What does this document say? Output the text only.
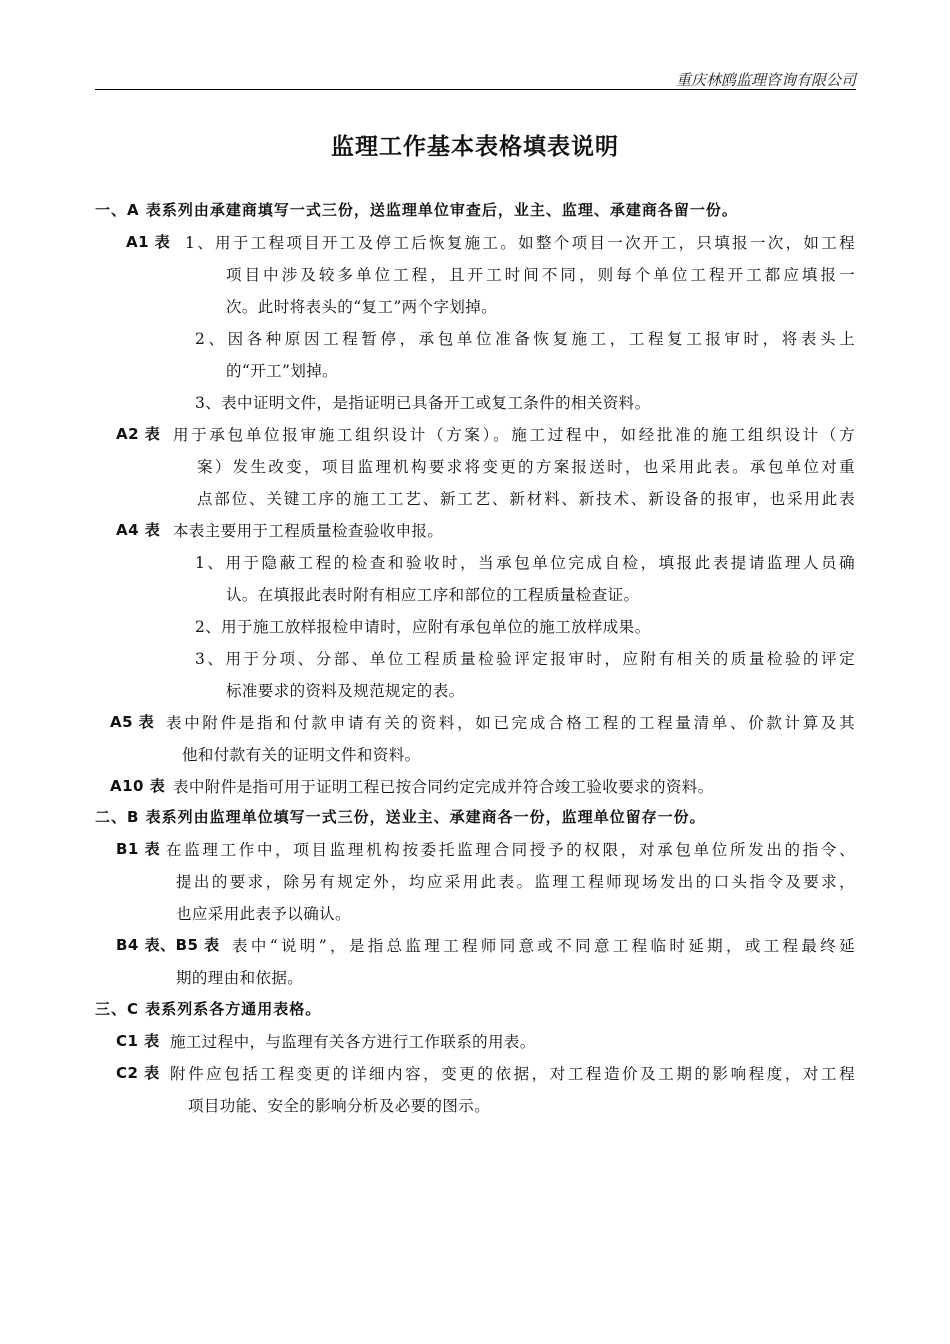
重庆林鸥监理咨询有限公司
监理工作基本表格填表说明
一、A 表系列由承建商填写一式三份，送监理单位审查后，业主、监理、承建商各留一份。
A1 表 1、用于工程项目开工及停工后恢复施工。如整个项目一次开工，只填报一次，如工程
项目中涉及较多单位工程，且开工时间不同，则每个单位工程开工都应填报一
次。此时将表头的“复工”两个字划掉。
2、因各种原因工程暂停，承包单位准备恢复施工，工程复工报审时，将表头上
的“开工”划掉。
3、表中证明文件，是指证明已具备开工或复工条件的相关资料。
A2 表 用于承包单位报审施工组织设计（方案）。施工过程中，如经批准的施工组织设计（方
案）发生改变，项目监理机构要求将变更的方案报送时，也采用此表。承包单位对重
点部位、关键工序的施工工艺、新工艺、新材料、新技术、新设备的报审，也采用此表
A4 表 本表主要用于工程质量检查验收申报。
1、用于隐蔽工程的检查和验收时，当承包单位完成自检，填报此表提请监理人员确
认。在填报此表时附有相应工序和部位的工程质量检查证。
2、用于施工放样报检申请时，应附有承包单位的施工放样成果。
3、用于分项、分部、单位工程质量检验评定报审时，应附有相关的质量检验的评定
标准要求的资料及规范规定的表。
A5 表 表中附件是指和付款申请有关的资料，如已完成合格工程的工程量清单、价款计算及其
他和付款有关的证明文件和资料。
A10 表 表中附件是指可用于证明工程已按合同约定完成并符合竣工验收要求的资料。
二、B 表系列由监理单位填写一式三份，送业主、承建商各一份，监理单位留存一份。
B1 表 在监理工作中，项目监理机构按委托监理合同授予的权限，对承包单位所发出的指令、
提出的要求，除另有规定外，均应采用此表。监理工程师现场发出的口头指令及要求，
也应采用此表予以确认。
B4 表、B5 表 表中“说明”，是指总监理工程师同意或不同意工程临时延期，或工程最终延
期的理由和依据。
三、C 表系列系各方通用表格。
C1 表 施工过程中，与监理有关各方进行工作联系的用表。
C2 表 附件应包括工程变更的详细内容，变更的依据，对工程造价及工期的影响程度，对工程
项目功能、安全的影响分析及必要的图示。
